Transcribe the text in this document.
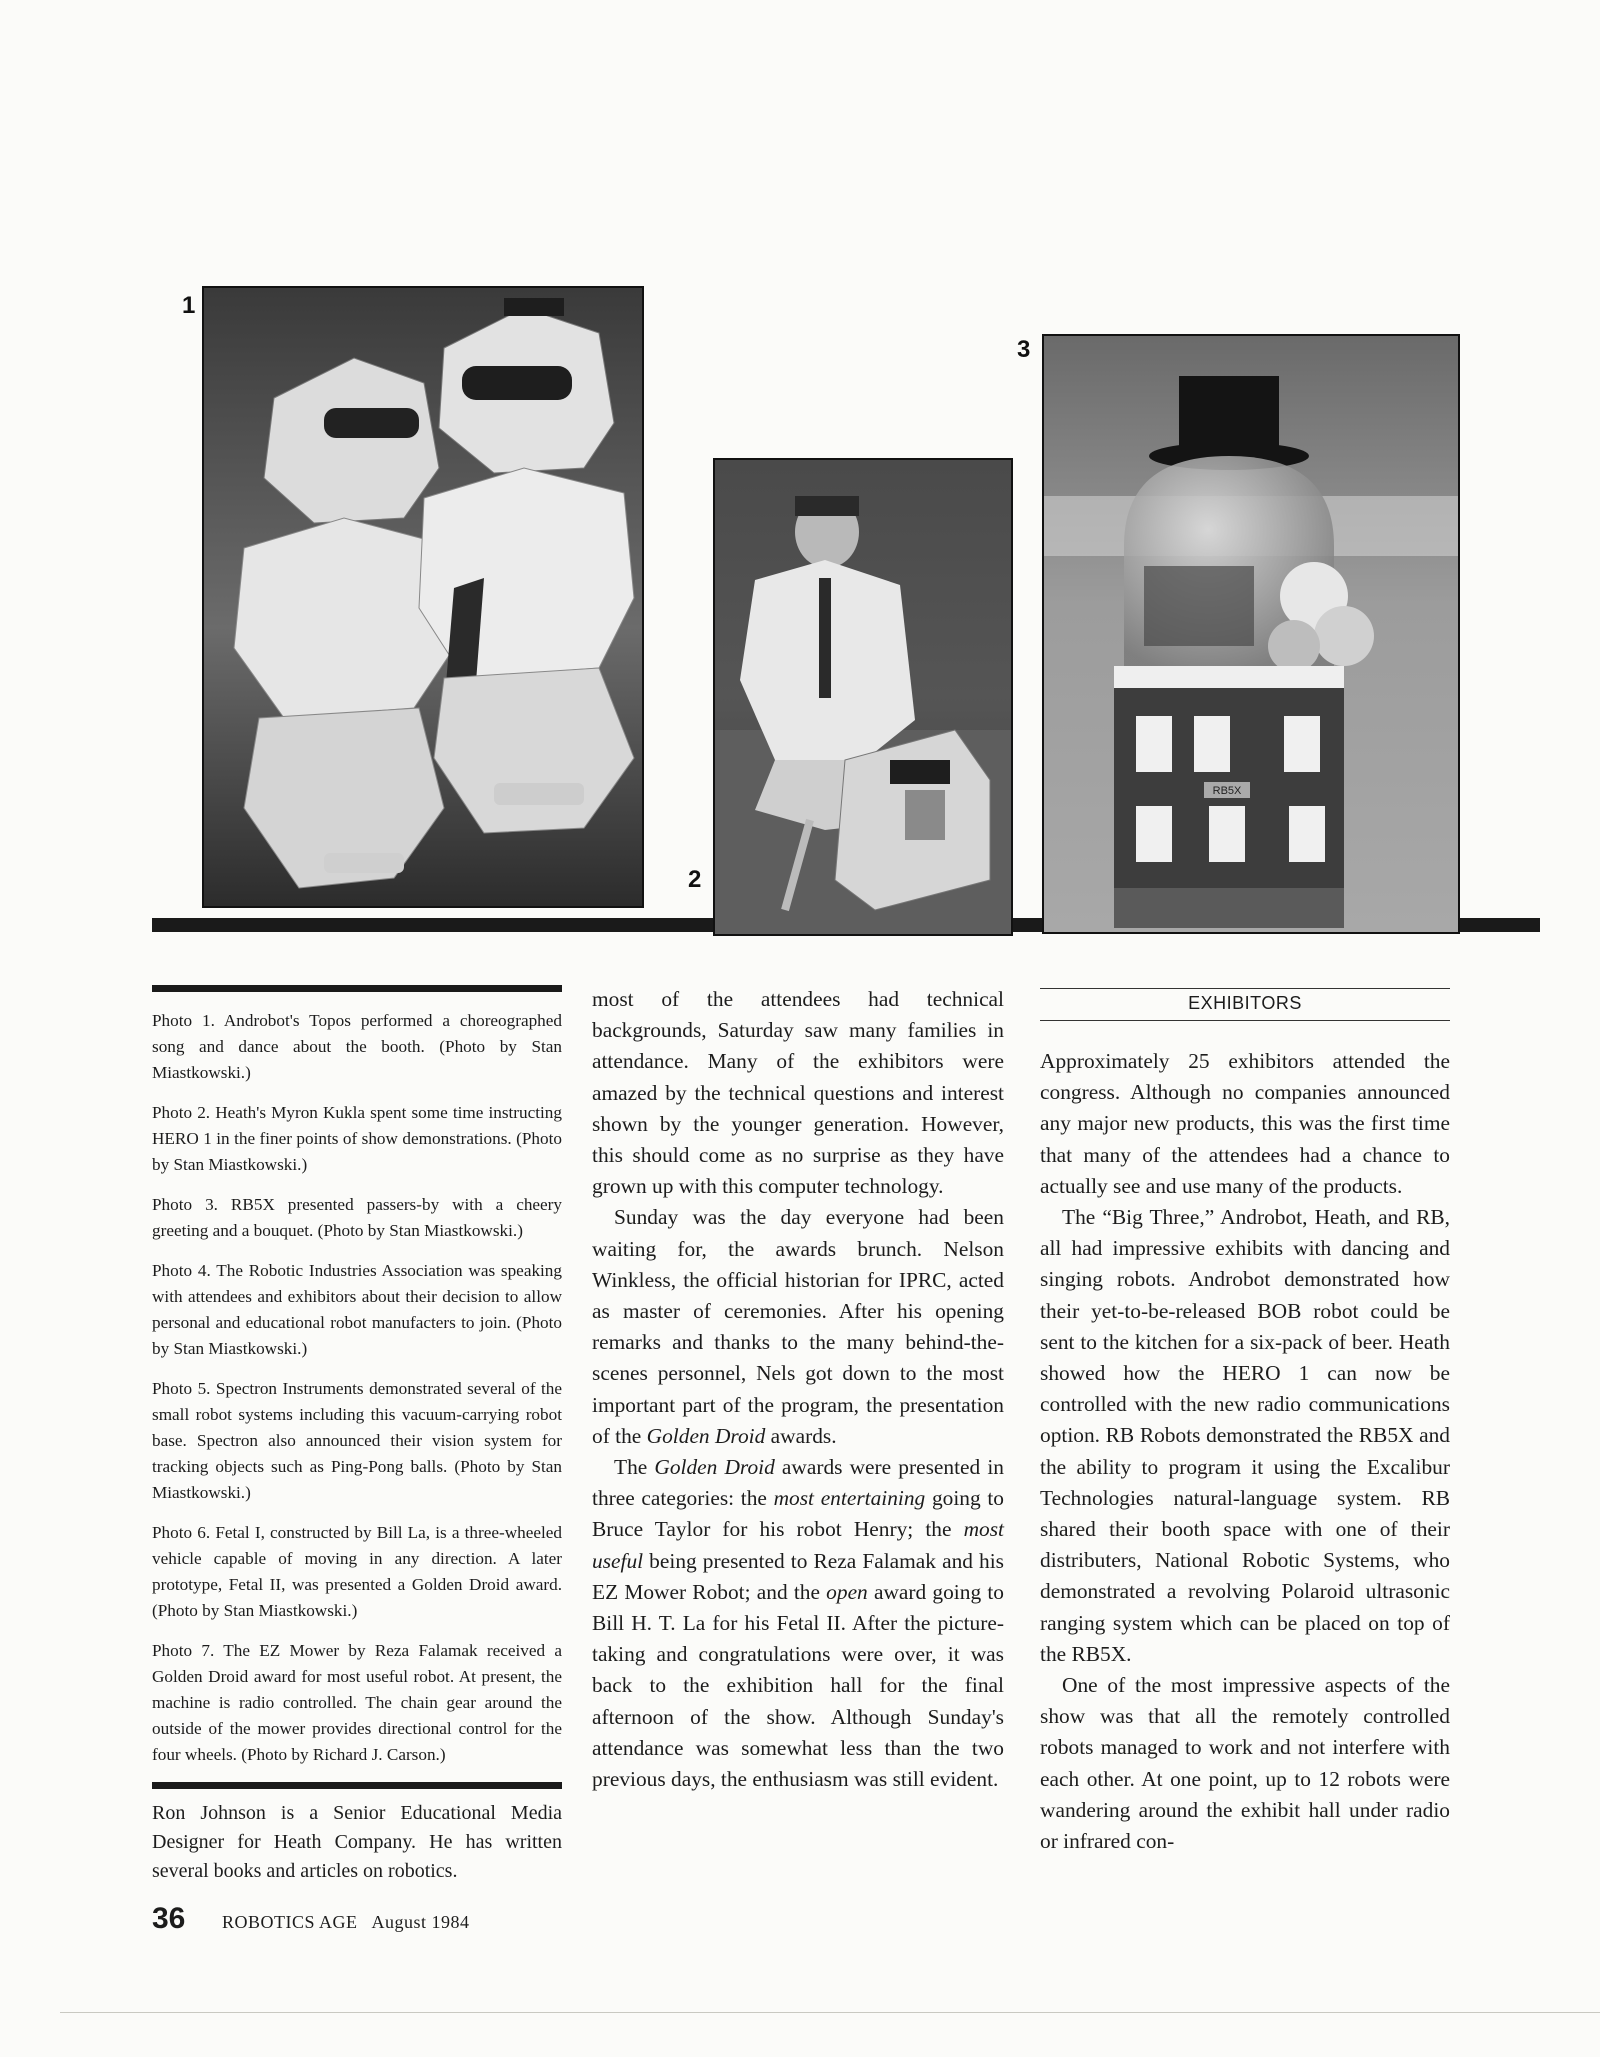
1
2
3
RB5X

Photo 1. Androbot's Topos performed a choreographed song and dance about the booth. (Photo by Stan Miastkowski.)

Photo 2. Heath's Myron Kukla spent some time instructing HERO 1 in the finer points of show demonstrations. (Photo by Stan Miastkowski.)

Photo 3. RB5X presented passers-by with a cheery greeting and a bouquet. (Photo by Stan Miastkowski.)

Photo 4. The Robotic Industries Association was speaking with attendees and exhibitors about their decision to allow personal and educational robot manufacters to join. (Photo by Stan Miastkowski.)

Photo 5. Spectron Instruments demonstrated several of the small robot systems including this vacuum-carrying robot base. Spectron also announced their vision system for tracking objects such as Ping-Pong balls. (Photo by Stan Miastkowski.)

Photo 6. Fetal I, constructed by Bill La, is a three-wheeled vehicle capable of moving in any direction. A later prototype, Fetal II, was presented a Golden Droid award. (Photo by Stan Miastkowski.)

Photo 7. The EZ Mower by Reza Falamak received a Golden Droid award for most useful robot. At present, the machine is radio controlled. The chain gear around the outside of the mower provides directional control for the four wheels. (Photo by Richard J. Carson.)

Ron Johnson is a Senior Educational Media Designer for Heath Company. He has written several books and articles on robotics.

most of the attendees had technical backgrounds, Saturday saw many families in attendance. Many of the exhibitors were amazed by the technical questions and interest shown by the younger generation. However, this should come as no surprise as they have grown up with this computer technology.

Sunday was the day everyone had been waiting for, the awards brunch. Nelson Winkless, the official historian for IPRC, acted as master of ceremonies. After his opening remarks and thanks to the many behind-the-scenes personnel, Nels got down to the most important part of the program, the presentation of the Golden Droid awards.

The Golden Droid awards were presented in three categories: the most entertaining going to Bruce Taylor for his robot Henry; the most useful being presented to Reza Falamak and his EZ Mower Robot; and the open award going to Bill H. T. La for his Fetal II. After the picture-taking and congratulations were over, it was back to the exhibition hall for the final afternoon of the show. Although Sunday's attendance was somewhat less than the two previous days, the enthusiasm was still evident.

EXHIBITORS

Approximately 25 exhibitors attended the congress. Although no companies announced any major new products, this was the first time that many of the attendees had a chance to actually see and use many of the products.

The “Big Three,” Androbot, Heath, and RB, all had impressive exhibits with dancing and singing robots. Androbot demonstrated how their yet-to-be-released BOB robot could be sent to the kitchen for a six-pack of beer. Heath showed how the HERO 1 can now be controlled with the new radio communications option. RB Robots demonstrated the RB5X and the ability to program it using the Excalibur Technologies natural-language system. RB shared their booth space with one of their distributers, National Robotic Systems, who demonstrated a revolving Polaroid ultrasonic ranging system which can be placed on top of the RB5X.

One of the most impressive aspects of the show was that all the remotely controlled robots managed to work and not interfere with each other. At one point, up to 12 robots were wandering around the exhibit hall under radio or infrared con-

36 ROBOTICS AGE August 1984
